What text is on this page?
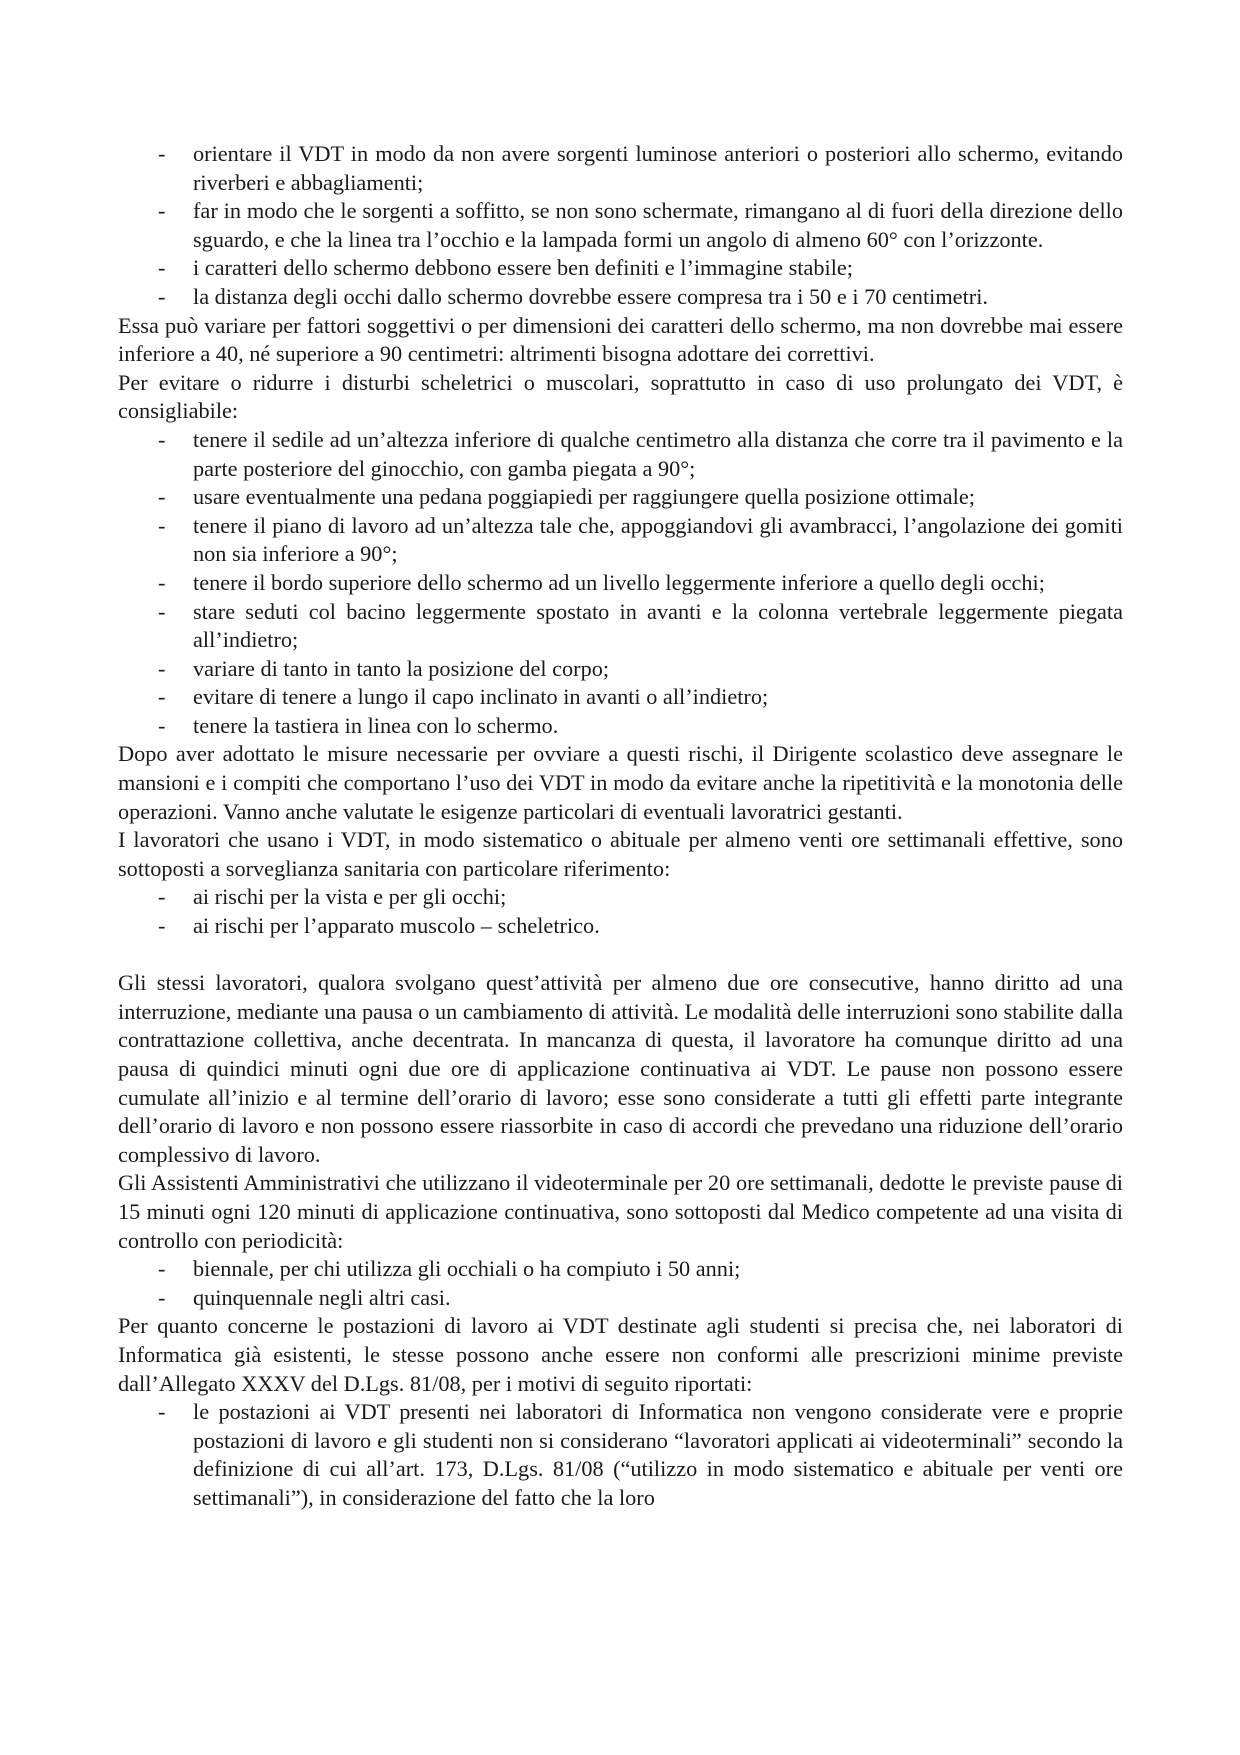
- orientare il VDT in modo da non avere sorgenti luminose anteriori o posteriori allo schermo, evitando riverberi e abbagliamenti;
- far in modo che le sorgenti a soffitto, se non sono schermate, rimangano al di fuori della direzione dello sguardo, e che la linea tra l’occhio e la lampada formi un angolo di almeno 60° con l’orizzonte.
- i caratteri dello schermo debbono essere ben definiti e l’immagine stabile;
- la distanza degli occhi dallo schermo dovrebbe essere compresa tra i 50 e i 70 centimetri.

Essa può variare per fattori soggettivi o per dimensioni dei caratteri dello schermo, ma non dovrebbe mai essere inferiore a 40, né superiore a 90 centimetri: altrimenti bisogna adottare dei correttivi.

Per evitare o ridurre i disturbi scheletrici o muscolari, soprattutto in caso di uso prolungato dei VDT, è consigliabile:

- tenere il sedile ad un’altezza inferiore di qualche centimetro alla distanza che corre tra il pavimento e la parte posteriore del ginocchio, con gamba piegata a 90°;
- usare eventualmente una pedana poggiapiedi per raggiungere quella posizione ottimale;
- tenere il piano di lavoro ad un’altezza tale che, appoggiandovi gli avambracci, l’angolazione dei gomiti non sia inferiore a 90°;
- tenere il bordo superiore dello schermo ad un livello leggermente inferiore a quello degli occhi;
- stare seduti col bacino leggermente spostato in avanti e la colonna vertebrale leggermente piegata all’indietro;
- variare di tanto in tanto la posizione del corpo;
- evitare di tenere a lungo il capo inclinato in avanti o all’indietro;
- tenere la tastiera in linea con lo schermo.

Dopo aver adottato le misure necessarie per ovviare a questi rischi, il Dirigente scolastico deve assegnare le mansioni e i compiti che comportano l’uso dei VDT in modo da evitare anche la ripetitività e la monotonia delle operazioni. Vanno anche valutate le esigenze particolari di eventuali lavoratrici gestanti.

I lavoratori che usano i VDT, in modo sistematico o abituale per almeno venti ore settimanali effettive, sono sottoposti a sorveglianza sanitaria con particolare riferimento:

- ai rischi per la vista e per gli occhi;
- ai rischi per l’apparato muscolo – scheletrico.

Gli stessi lavoratori, qualora svolgano quest’attività per almeno due ore consecutive, hanno diritto ad una interruzione, mediante una pausa o un cambiamento di attività. Le modalità delle interruzioni sono stabilite dalla contrattazione collettiva, anche decentrata. In mancanza di questa, il lavoratore ha comunque diritto ad una pausa di quindici minuti ogni due ore di applicazione continuativa ai VDT. Le pause non possono essere cumulate all’inizio e al termine dell’orario di lavoro; esse sono considerate a tutti gli effetti parte integrante dell’orario di lavoro e non possono essere riassorbite in caso di accordi che prevedano una riduzione dell’orario complessivo di lavoro.

Gli Assistenti Amministrativi che utilizzano il videoterminale per 20 ore settimanali, dedotte le previste pause di 15 minuti ogni 120 minuti di applicazione continuativa, sono sottoposti dal Medico competente ad una visita di controllo con periodicità:

- biennale, per chi utilizza gli occhiali o ha compiuto i 50 anni;
- quinquennale negli altri casi.

Per quanto concerne le postazioni di lavoro ai VDT destinate agli studenti si precisa che, nei laboratori di Informatica già esistenti, le stesse possono anche essere non conformi alle prescrizioni minime previste dall’Allegato XXXV del D.Lgs. 81/08, per i motivi di seguito riportati:

- le postazioni ai VDT presenti nei laboratori di Informatica non vengono considerate vere e proprie postazioni di lavoro e gli studenti non si considerano “lavoratori applicati ai videoterminali” secondo la definizione di cui all’art. 173, D.Lgs. 81/08 (“utilizzo in modo sistematico e abituale per venti ore settimanali”), in considerazione del fatto che la loro
